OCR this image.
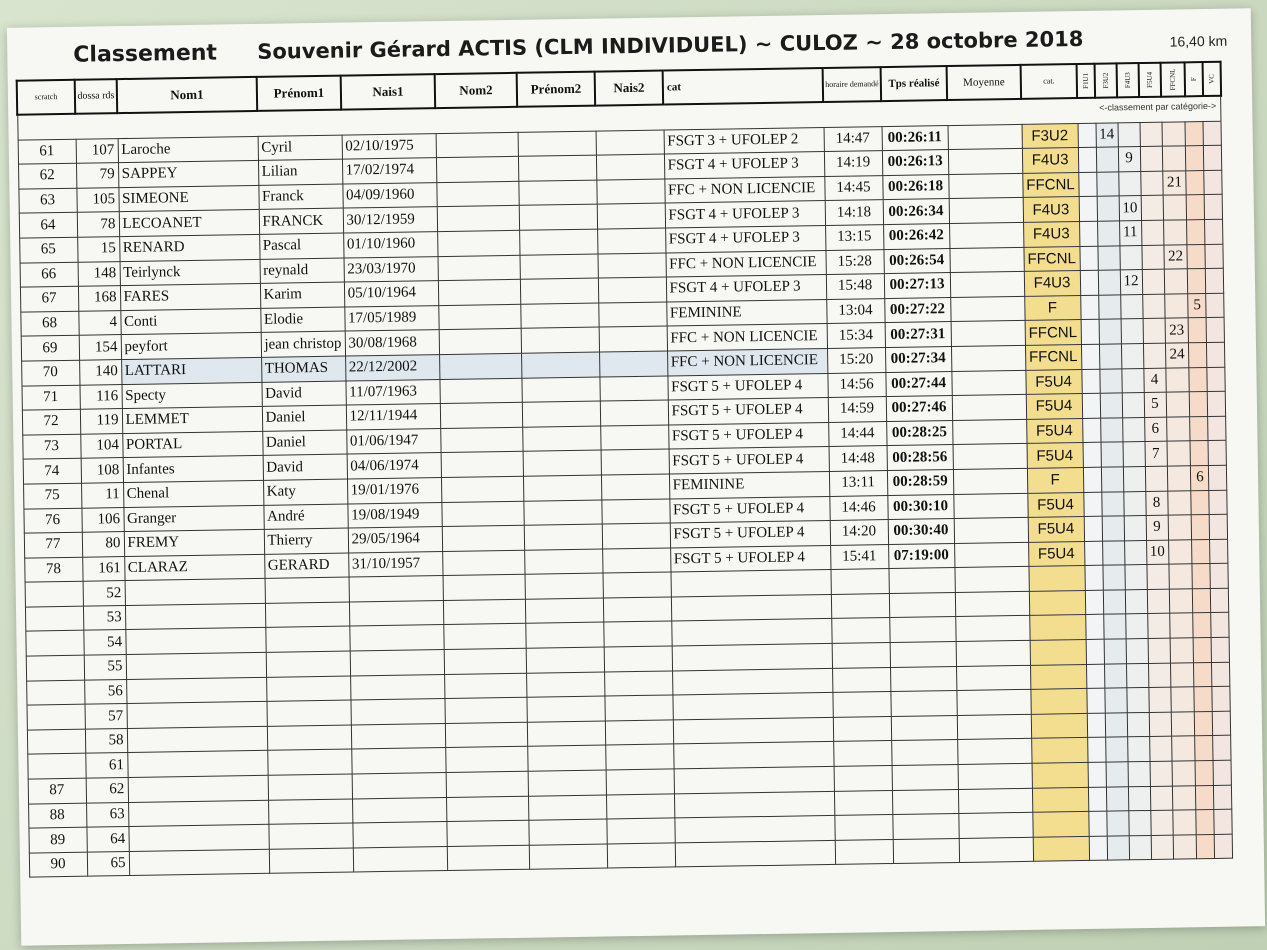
Classement Souvenir Gérard ACTIS (CLM INDIVIDUEL) ~ CULOZ ~ 28 octobre 2018	16,40 km
<-classement par catégorie->
scratch	dossa rds	Nom1	Prénom1	Nais1	Nom2	Prénom2	Nais2	cat	horaire demandé	Tps réalisé	Moyenne	cat.	F1U1	F3U2	F4U3	F5U4	FFCNL	F	VC

61	107	Laroche	Cyril	02/10/1975				FSGT 3 + UFOLEP 2	14:47	00:26:11		F3U2		14					
62	79	SAPPEY	Lilian	17/02/1974				FSGT 4 + UFOLEP 3	14:19	00:26:13		F4U3			9				
63	105	SIMEONE	Franck	04/09/1960				FFC + NON LICENCIE	14:45	00:26:18		FFCNL					21		
64	78	LECOANET	FRANCK	30/12/1959				FSGT 4 + UFOLEP 3	14:18	00:26:34		F4U3			10				
65	15	RENARD	Pascal	01/10/1960				FSGT 4 + UFOLEP 3	13:15	00:26:42		F4U3			11				
66	148	Teirlynck	reynald	23/03/1970				FFC + NON LICENCIE	15:28	00:26:54		FFCNL					22		
67	168	FARES	Karim	05/10/1964				FSGT 4 + UFOLEP 3	15:48	00:27:13		F4U3			12				
68	4	Conti	Elodie	17/05/1989				FEMININE	13:04	00:27:22		F						5	
69	154	peyfort	jean christop	30/08/1968				FFC + NON LICENCIE	15:34	00:27:31		FFCNL					23		
70	140	LATTARI	THOMAS	22/12/2002				FFC + NON LICENCIE	15:20	00:27:34		FFCNL					24		
71	116	Specty	David	11/07/1963				FSGT 5 + UFOLEP 4	14:56	00:27:44		F5U4				4			
72	119	LEMMET	Daniel	12/11/1944				FSGT 5 + UFOLEP 4	14:59	00:27:46		F5U4				5			
73	104	PORTAL	Daniel	01/06/1947				FSGT 5 + UFOLEP 4	14:44	00:28:25		F5U4				6			
74	108	Infantes	David	04/06/1974				FSGT 5 + UFOLEP 4	14:48	00:28:56		F5U4				7			
75	11	Chenal	Katy	19/01/1976				FEMININE	13:11	00:28:59		F						6	
76	106	Granger	André	19/08/1949				FSGT 5 + UFOLEP 4	14:46	00:30:10		F5U4				8			
77	80	FREMY	Thierry	29/05/1964				FSGT 5 + UFOLEP 4	14:20	00:30:40		F5U4				9			
78	161	CLARAZ	GERARD	31/10/1957				FSGT 5 + UFOLEP 4	15:41	07:19:00		F5U4				10			
	52																		
	53																		
	54																		
	55																		
	56																		
	57																		
	58																		
	61																		
87	62																		
88	63																		
89	64																		
90	65																		
